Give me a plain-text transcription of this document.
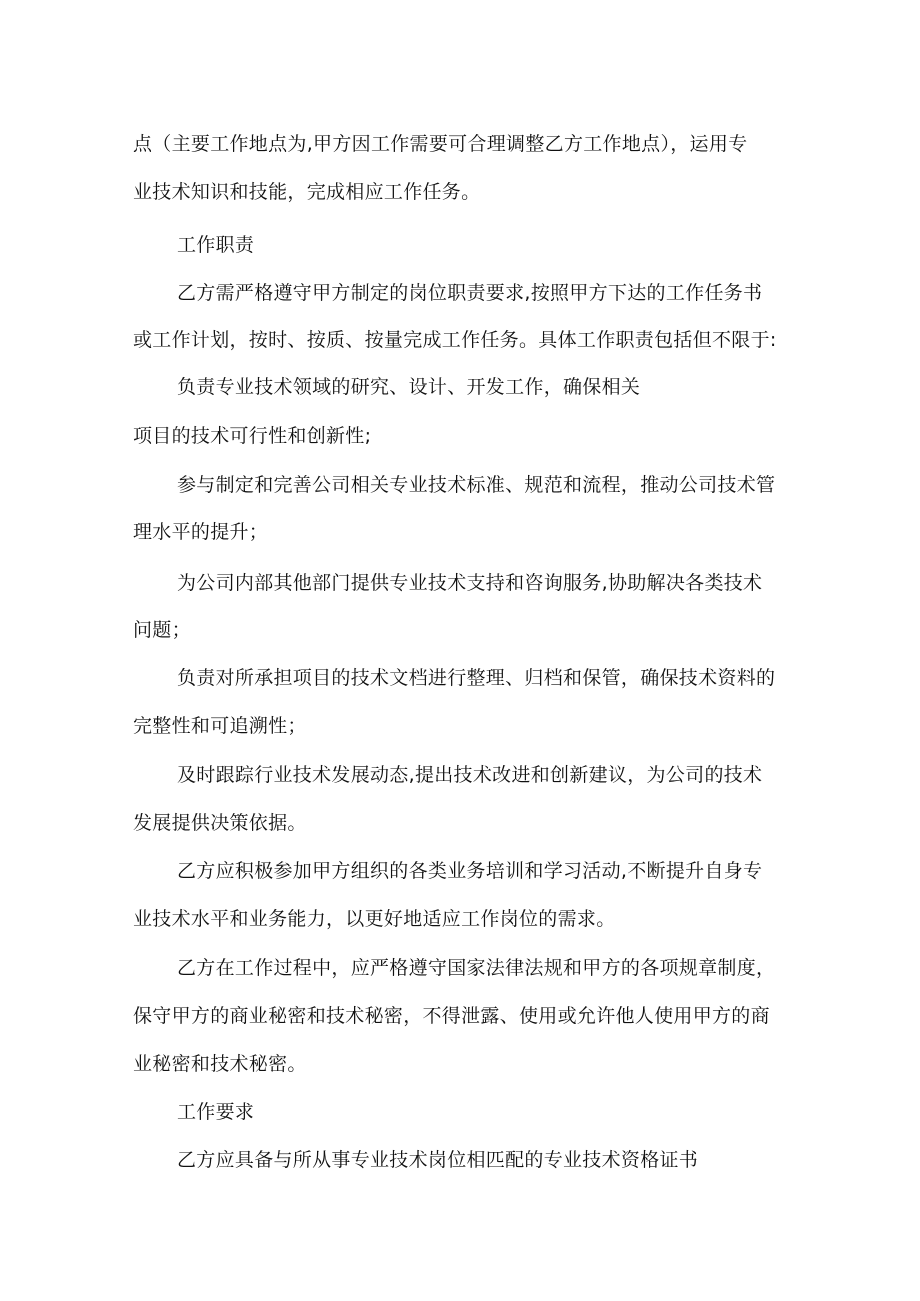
点（主要工作地点为,甲方因工作需要可合理调整乙方工作地点），运用专
业技术知识和技能，完成相应工作任务。
工作职责
乙方需严格遵守甲方制定的岗位职责要求,按照甲方下达的工作任务书
或工作计划，按时、按质、按量完成工作任务。具体工作职责包括但不限于:
负责专业技术领域的研究、设计、开发工作，确保相关
项目的技术可行性和创新性;
参与制定和完善公司相关专业技术标准、规范和流程，推动公司技术管
理水平的提升；
为公司内部其他部门提供专业技术支持和咨询服务,协助解决各类技术
问题；
负责对所承担项目的技术文档进行整理、归档和保管，确保技术资料的
完整性和可追溯性；
及时跟踪行业技术发展动态,提出技术改进和创新建议，为公司的技术
发展提供决策依据。
乙方应积极参加甲方组织的各类业务培训和学习活动,不断提升自身专
业技术水平和业务能力，以更好地适应工作岗位的需求。
乙方在工作过程中，应严格遵守国家法律法规和甲方的各项规章制度，
保守甲方的商业秘密和技术秘密，不得泄露、使用或允许他人使用甲方的商
业秘密和技术秘密。
工作要求
乙方应具备与所从事专业技术岗位相匹配的专业技术资格证书
